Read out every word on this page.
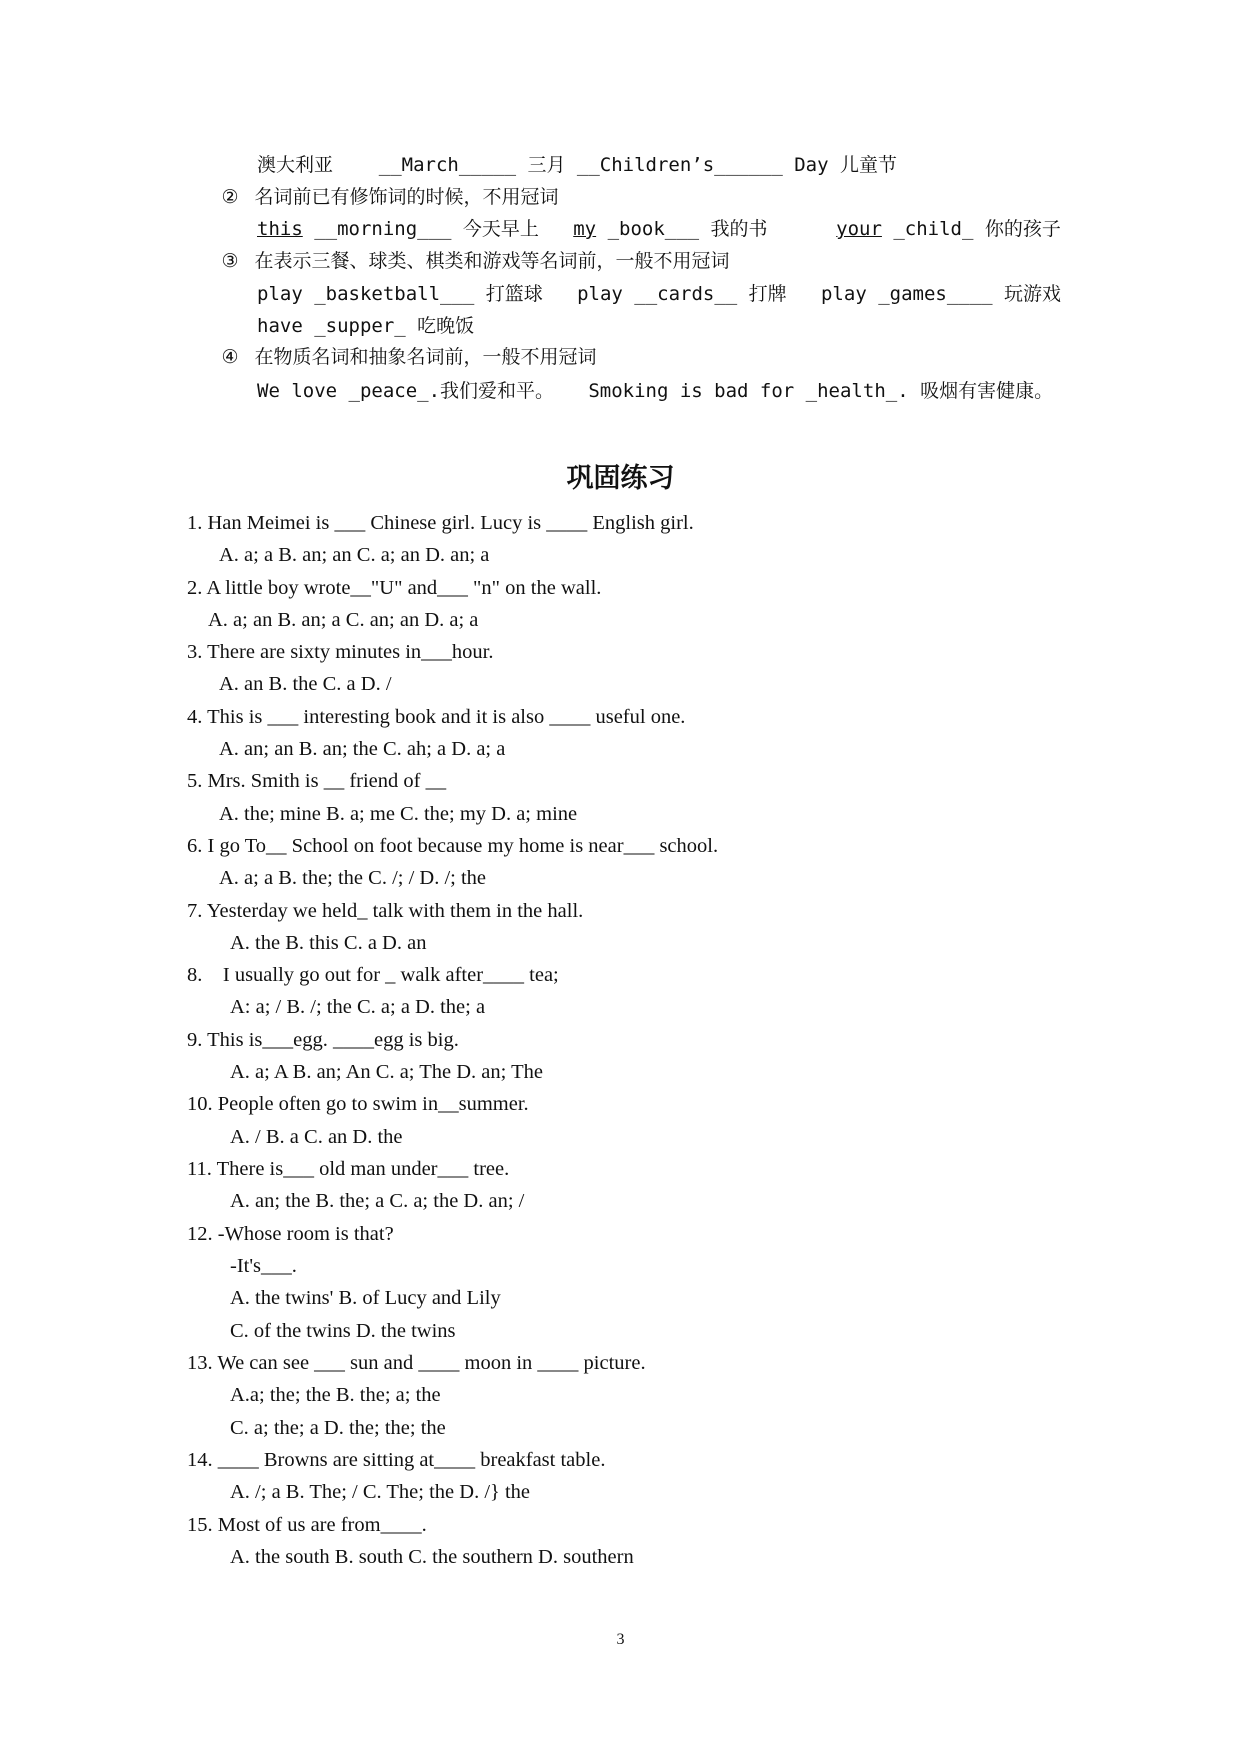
澳大利亚    __March_____ 三月 __Children’s______ Day 儿童节
② 名词前已有修饰词的时候，不用冠词
this __morning___ 今天早上   my _book___ 我的书      your _child_ 你的孩子
③ 在表示三餐、球类、棋类和游戏等名词前，一般不用冠词
play _basketball___ 打篮球   play __cards__ 打牌   play _games____ 玩游戏
have _supper_ 吃晚饭
④ 在物质名词和抽象名词前，一般不用冠词
We love _peace_.我们爱和平。   Smoking is bad for _health_. 吸烟有害健康。
巩固练习
1. Han Meimei is ___ Chinese girl. Lucy is ____ English girl.
A. a; a B. an; an C. a; an D. an; a
2. A little boy wrote__"U" and___ "n" on the wall.
A. a; an B. an; a C. an; an D. a; a
3. There are sixty minutes in___hour.
A. an B. the C. a D. /
4. This is ___ interesting book and it is also ____ useful one.
A. an; an B. an; the C. ah; a D. a; a
5. Mrs. Smith is __ friend of __
A. the; mine B. a; me C. the; my D. a; mine
6. I go To__ School on foot because my home is near___ school.
A. a; a B. the; the C. /; / D. /; the
7. Yesterday we held_ talk with them in the hall.
A. the B. this C. a D. an
8.    I usually go out for _ walk after____ tea;
A: a; / B. /; the C. a; a D. the; a
9. This is___egg. ____egg is big.
A. a; A B. an; An C. a; The D. an; The
10. People often go to swim in__summer.
A. / B. a C. an D. the
11. There is___ old man under___ tree.
A. an; the B. the; a C. a; the D. an; /
12. -Whose room is that?
-It's___.
A. the twins' B. of Lucy and Lily
C. of the twins D. the twins
13. We can see ___ sun and ____ moon in ____ picture.
A.a; the; the B. the; a; the
C. a; the; a D. the; the; the
14. ____ Browns are sitting at____ breakfast table.
A. /; a B. The; / C. The; the D. /} the
15. Most of us are from____.
A. the south B. south C. the southern D. southern
3
